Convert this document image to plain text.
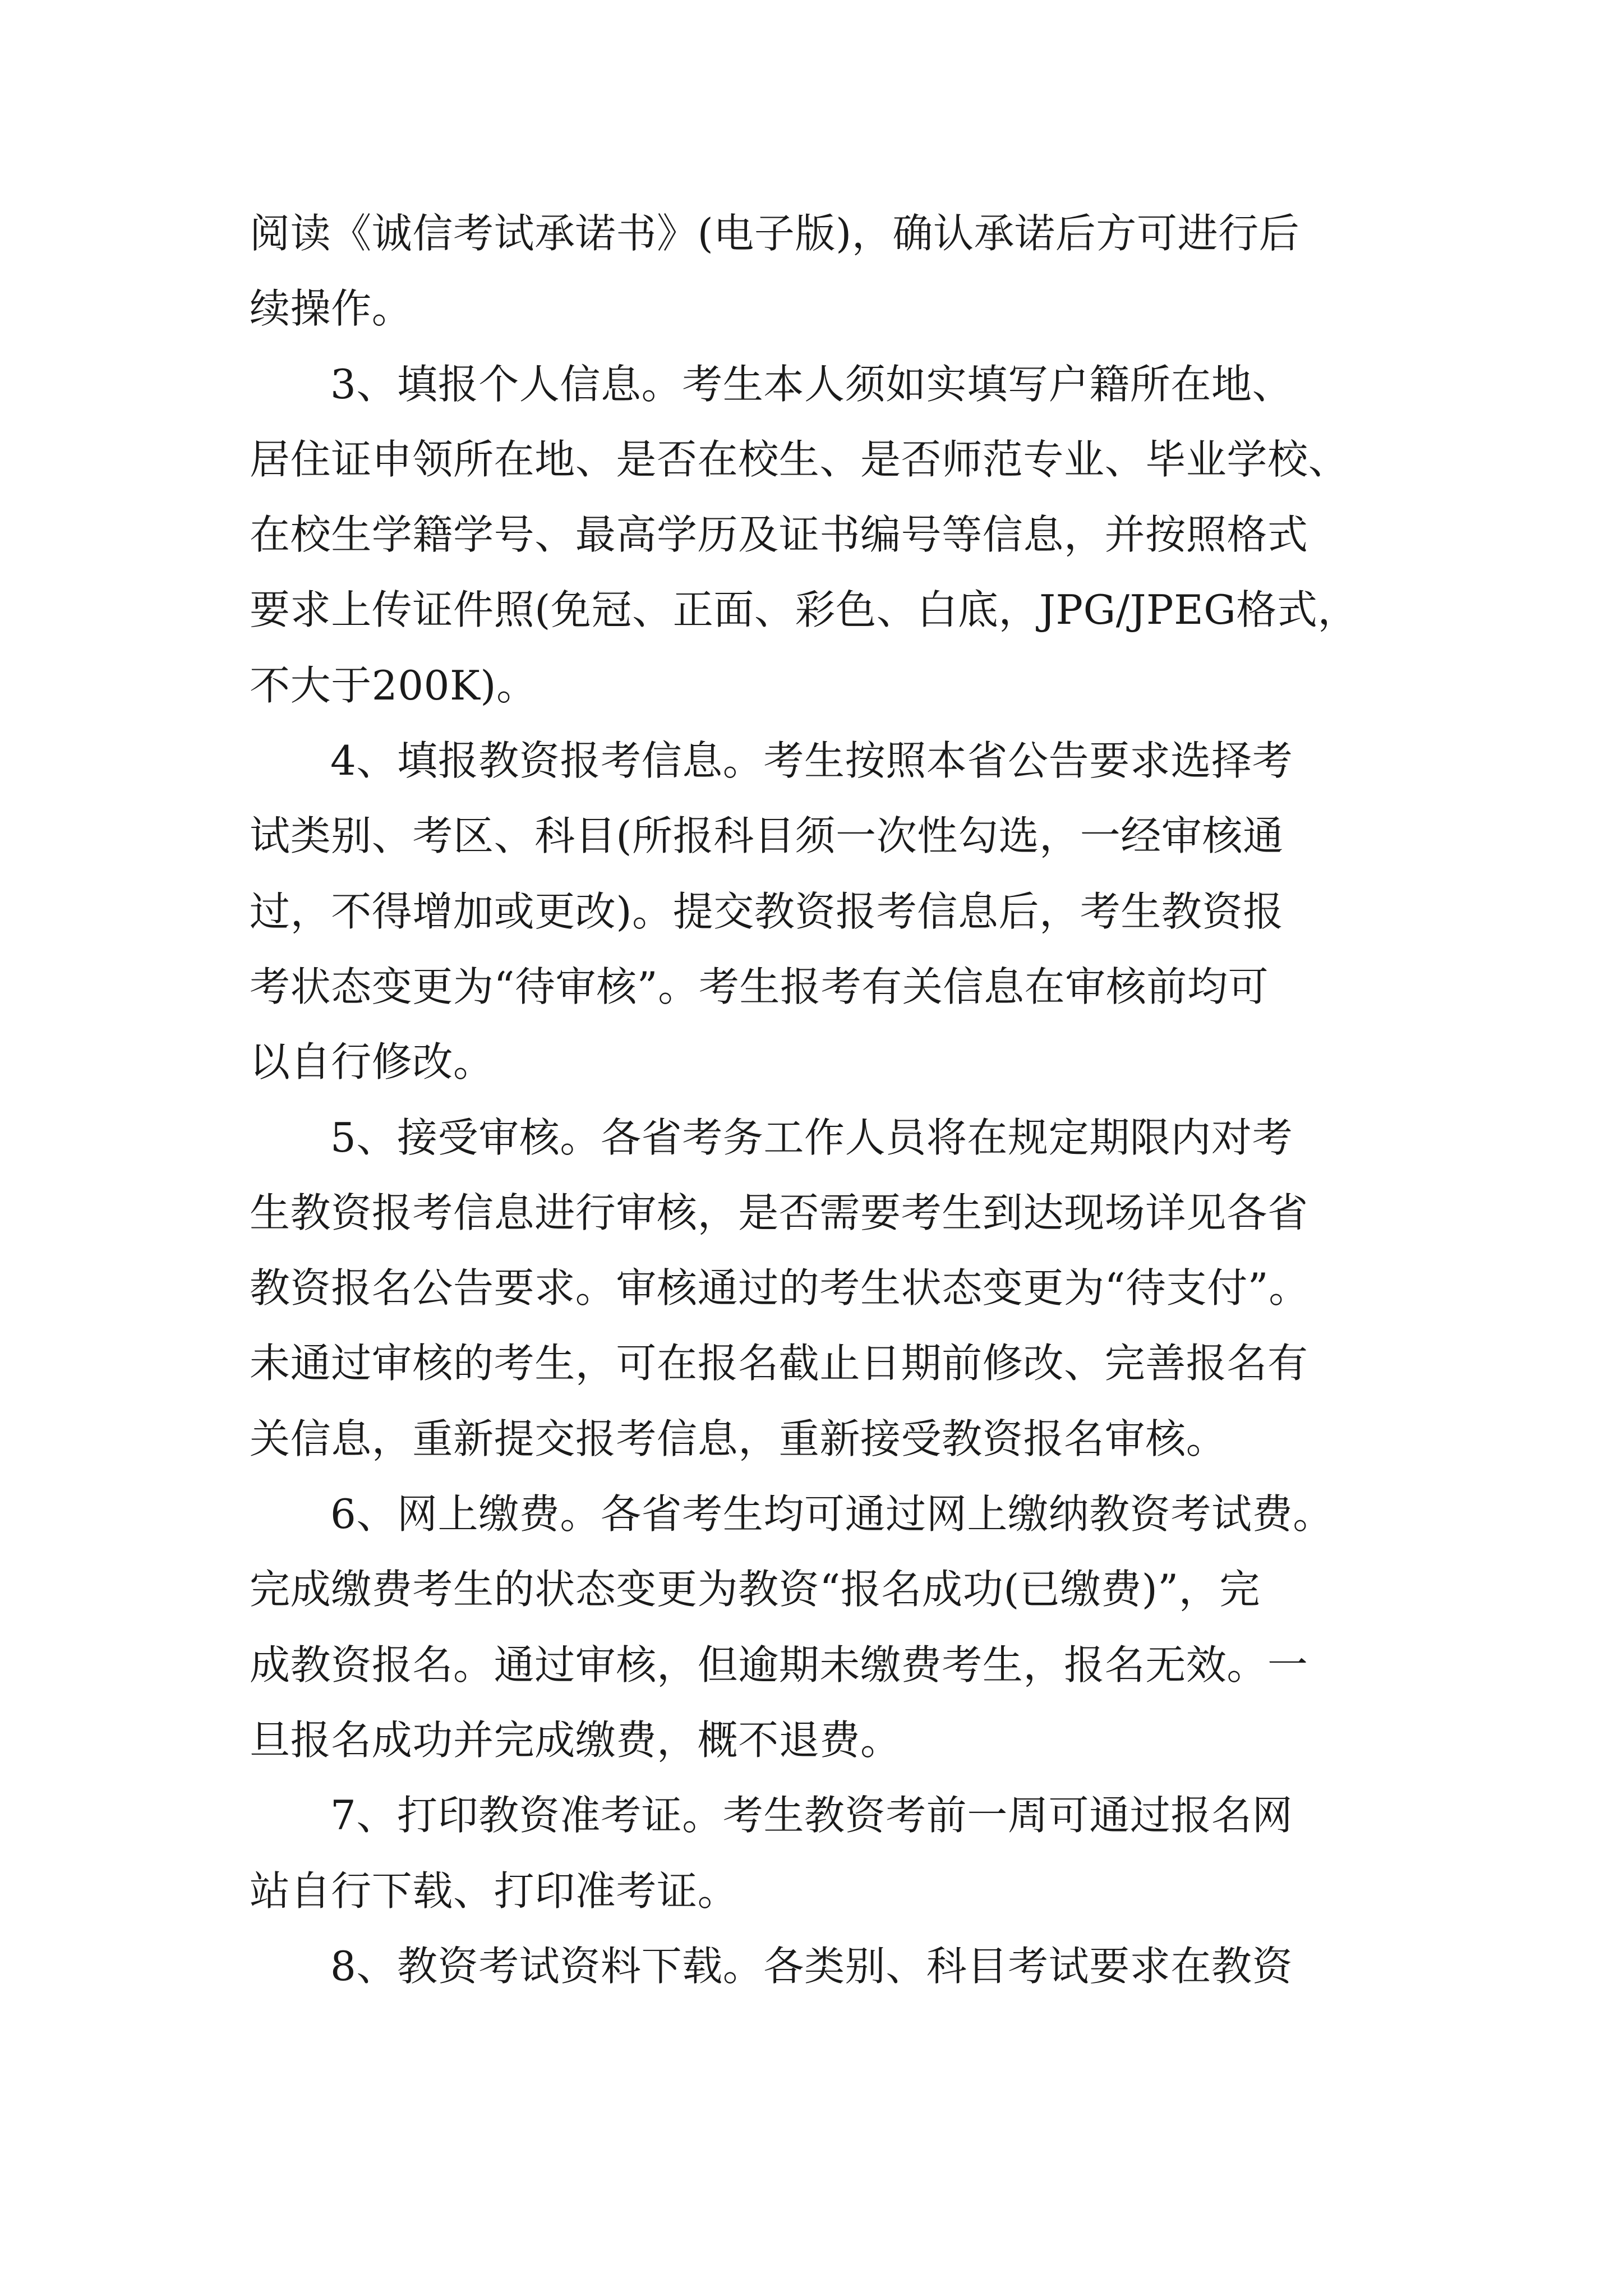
阅读《诚信考试承诺书》(电子版)，确认承诺后方可进行后
续操作。
3、填报个人信息。考生本人须如实填写户籍所在地、
居住证申领所在地、是否在校生、是否师范专业、毕业学校、
在校生学籍学号、最高学历及证书编号等信息，并按照格式
要求上传证件照(免冠、正面、彩色、白底，JPG/JPEG格式，
不大于200K)。
4、填报教资报考信息。考生按照本省公告要求选择考
试类别、考区、科目(所报科目须一次性勾选，一经审核通
过，不得增加或更改)。提交教资报考信息后，考生教资报
考状态变更为“待审核”。考生报考有关信息在审核前均可
以自行修改。
5、接受审核。各省考务工作人员将在规定期限内对考
生教资报考信息进行审核，是否需要考生到达现场详见各省
教资报名公告要求。审核通过的考生状态变更为“待支付”。
未通过审核的考生，可在报名截止日期前修改、完善报名有
关信息，重新提交报考信息，重新接受教资报名审核。
6、网上缴费。各省考生均可通过网上缴纳教资考试费。
完成缴费考生的状态变更为教资“报名成功(已缴费)”，完
成教资报名。通过审核，但逾期未缴费考生，报名无效。一
旦报名成功并完成缴费，概不退费。
7、打印教资准考证。考生教资考前一周可通过报名网
站自行下载、打印准考证。
8、教资考试资料下载。各类别、科目考试要求在教资
